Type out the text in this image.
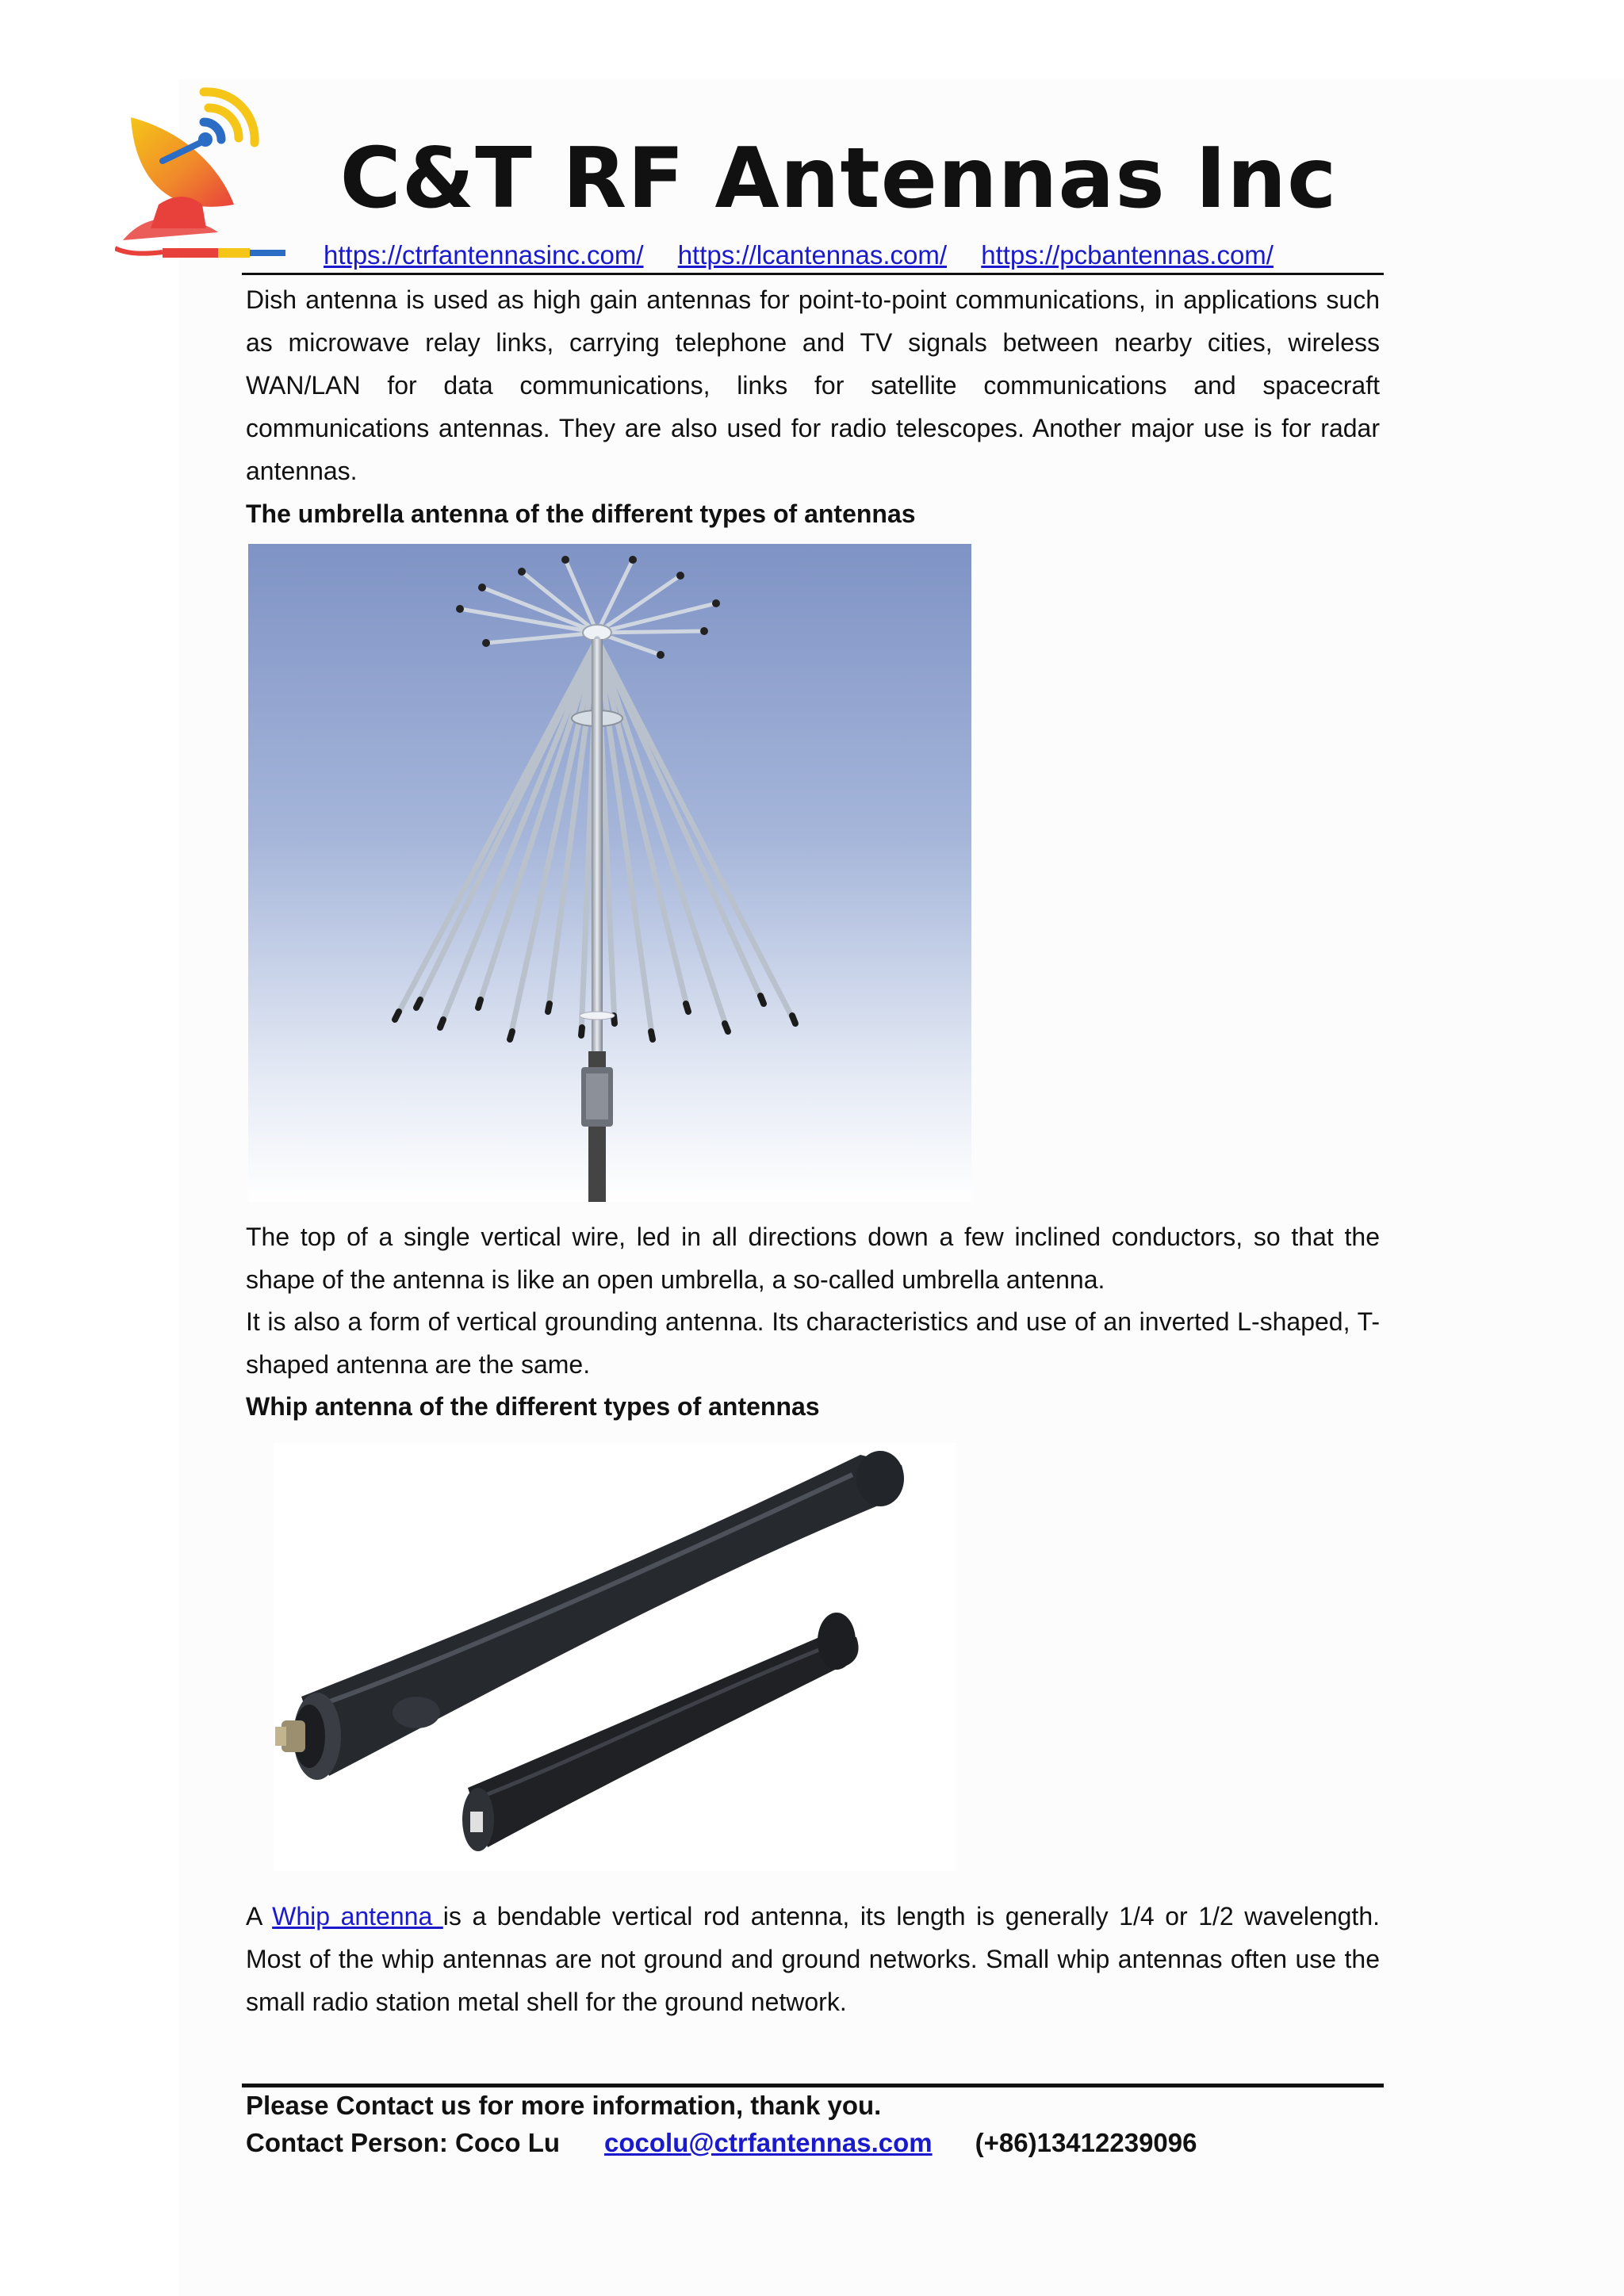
C&T RF Antennas Inc
https://ctrfantennasinc.com/ https://lcantennas.com/ https://pcbantennas.com/
Dish antenna is used as high gain antennas for point-to-point communications, in applications such as microwave relay links, carrying telephone and TV signals between nearby cities, wireless WAN/LAN for data communications, links for satellite communications and spacecraft communications antennas. They are also used for radio telescopes. Another major use is for radar antennas.
The umbrella antenna of the different types of antennas
The top of a single vertical wire, led in all directions down a few inclined conductors, so that the shape of the antenna is like an open umbrella, a so-called umbrella antenna.
It is also a form of vertical grounding antenna. Its characteristics and use of an inverted L-shaped, T-shaped antenna are the same.
Whip antenna of the different types of antennas
A Whip antenna is a bendable vertical rod antenna, its length is generally 1/4 or 1/2 wavelength. Most of the whip antennas are not ground and ground networks. Small whip antennas often use the small radio station metal shell for the ground network.
Please Contact us for more information, thank you.
Contact Person: Coco Lu cocolu@ctrfantennas.com (+86)13412239096
